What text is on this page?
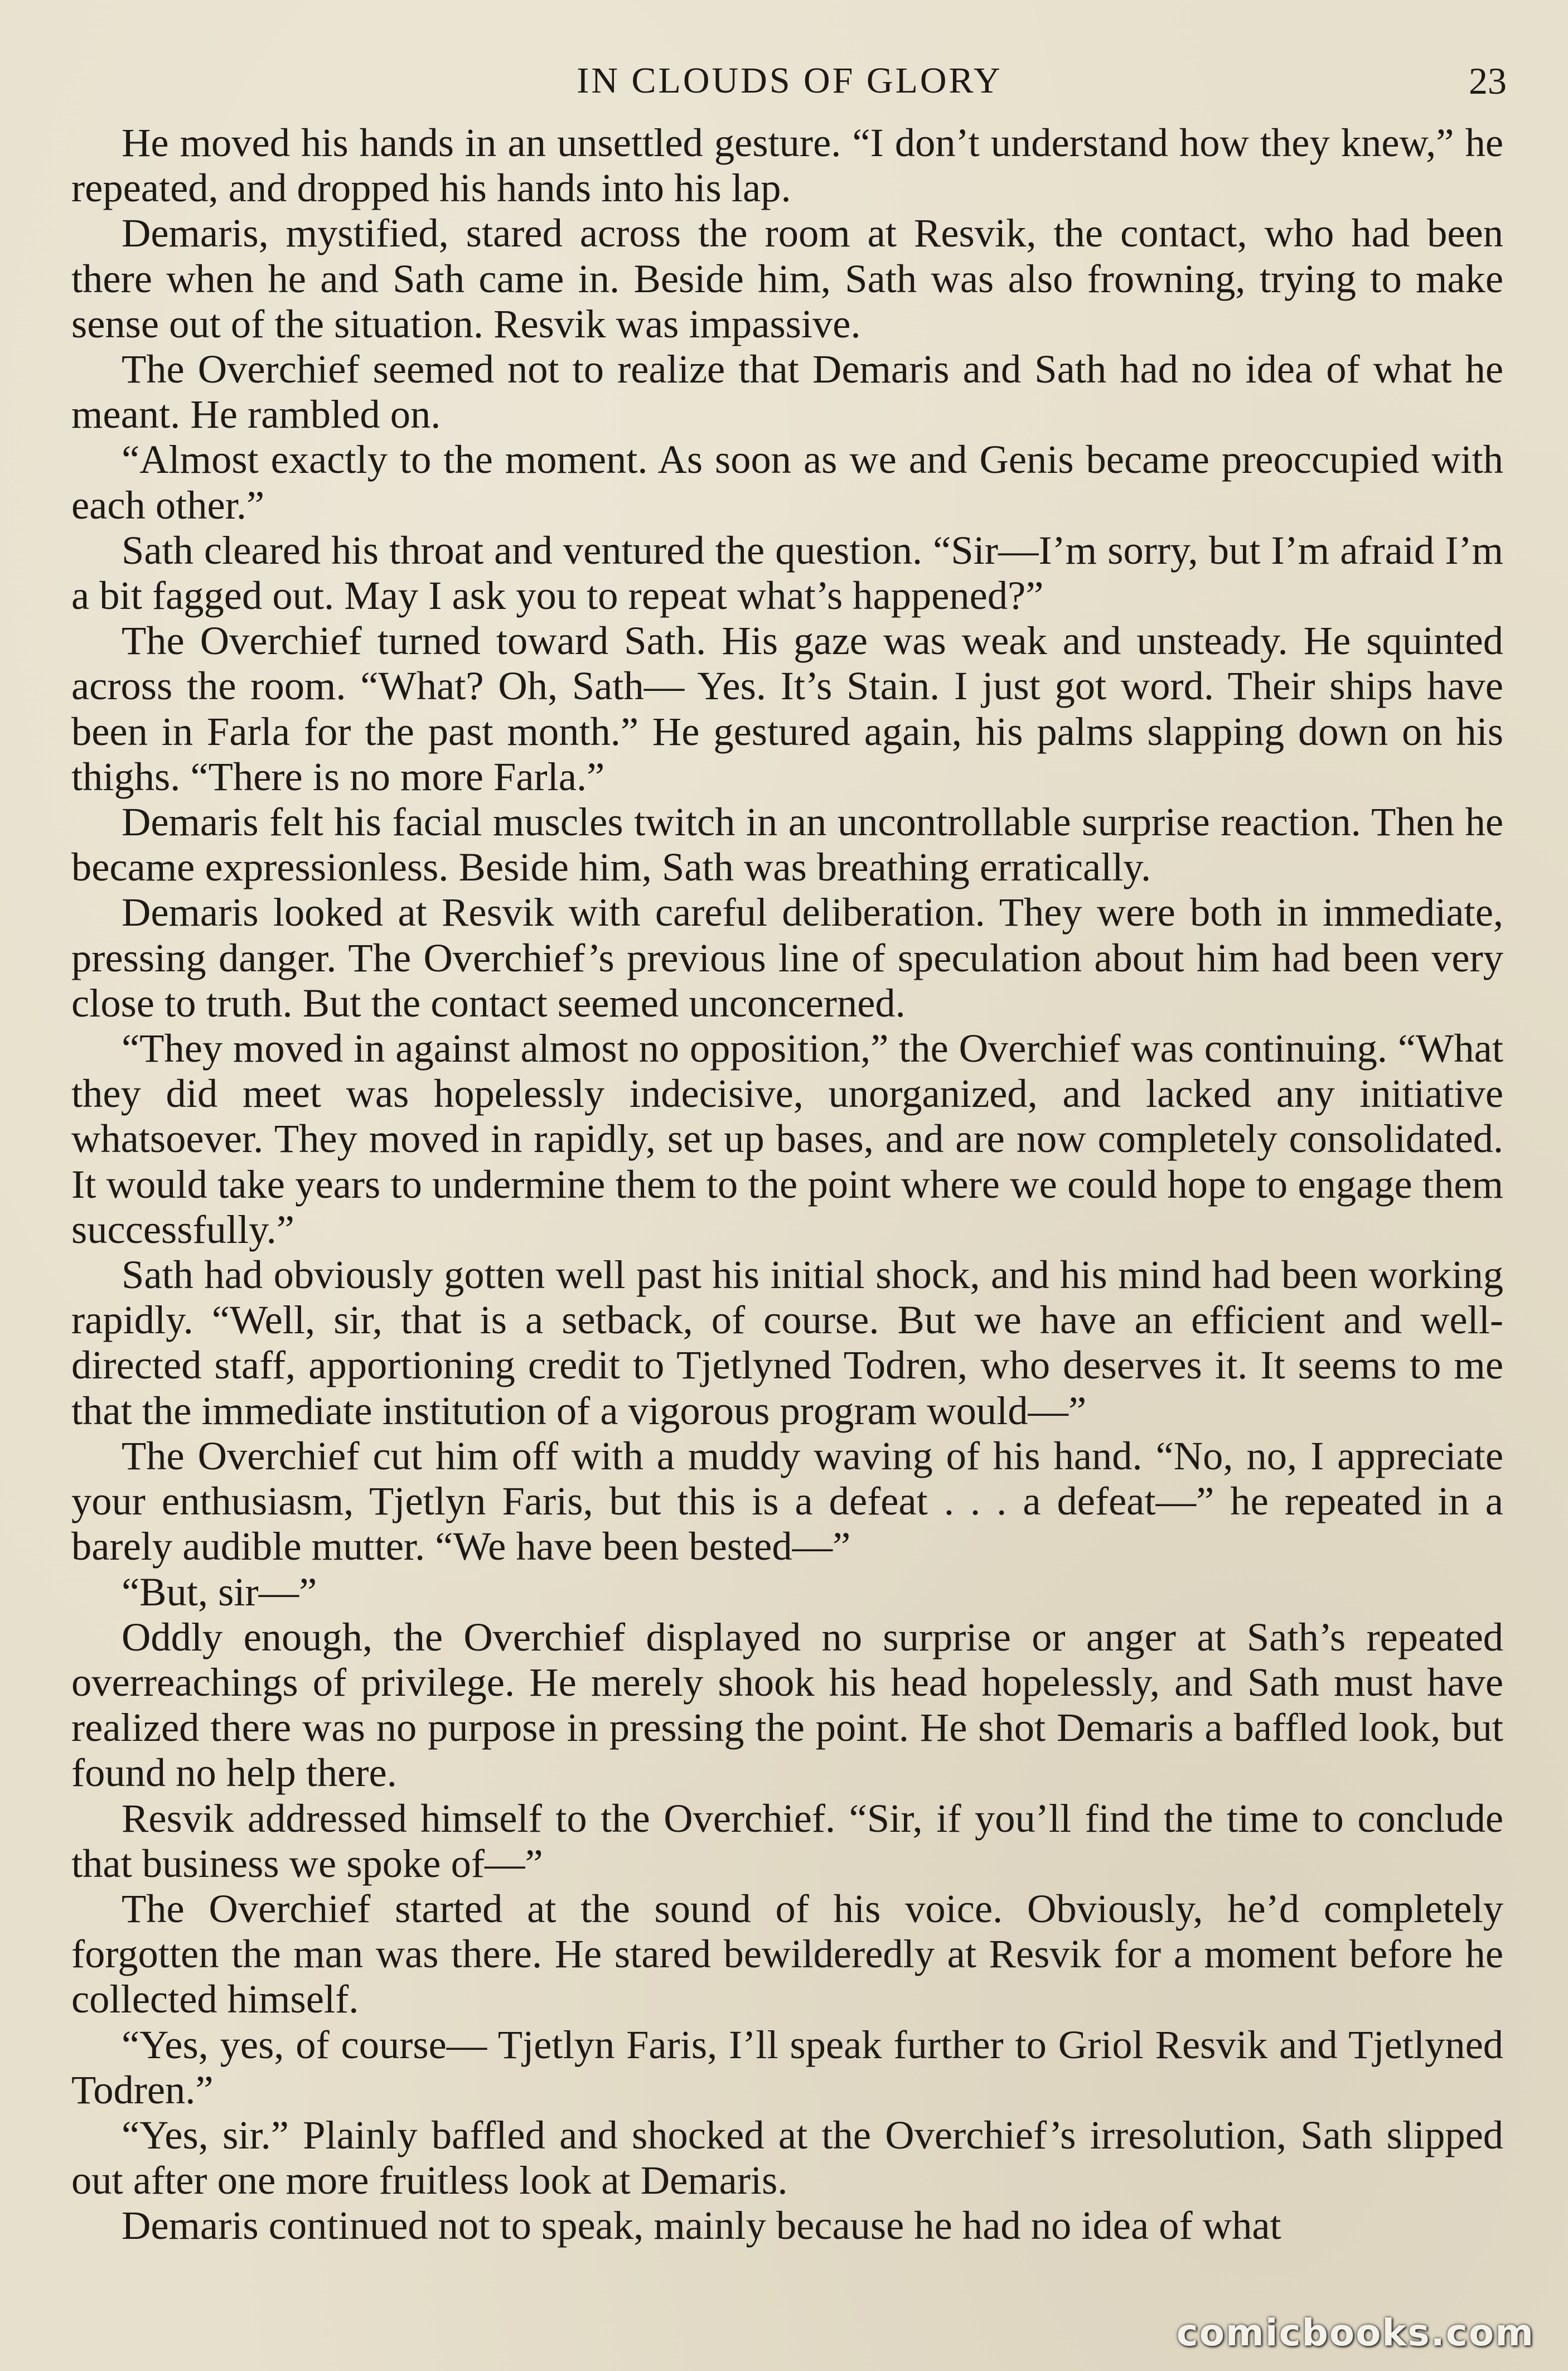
IN CLOUDS OF GLORY	23

He moved his hands in an unsettled gesture. “I don’t understand how they knew,” he repeated, and dropped his hands into his lap.

Demaris, mystified, stared across the room at Resvik, the contact, who had been there when he and Sath came in. Beside him, Sath was also frowning, trying to make sense out of the situation. Resvik was impassive.

The Overchief seemed not to realize that Demaris and Sath had no idea of what he meant. He rambled on.

“Almost exactly to the moment. As soon as we and Genis became preoccupied with each other.”

Sath cleared his throat and ventured the question. “Sir—I’m sorry, but I’m afraid I’m a bit fagged out. May I ask you to repeat what’s happened?”

The Overchief turned toward Sath. His gaze was weak and unsteady. He squinted across the room. “What? Oh, Sath— Yes. It’s Stain. I just got word. Their ships have been in Farla for the past month.” He gestured again, his palms slapping down on his thighs. “There is no more Farla.”

Demaris felt his facial muscles twitch in an uncontrollable surprise reaction. Then he became expressionless. Beside him, Sath was breathing erratically.

Demaris looked at Resvik with careful deliberation. They were both in immediate, pressing danger. The Overchief’s previous line of speculation about him had been very close to truth. But the contact seemed unconcerned.

“They moved in against almost no opposition,” the Overchief was continuing. “What they did meet was hopelessly indecisive, unorganized, and lacked any initiative whatsoever. They moved in rapidly, set up bases, and are now completely consolidated. It would take years to undermine them to the point where we could hope to engage them successfully.”

Sath had obviously gotten well past his initial shock, and his mind had been working rapidly. “Well, sir, that is a setback, of course. But we have an efficient and well-directed staff, apportioning credit to Tjetlyned Todren, who deserves it. It seems to me that the immediate institution of a vigorous program would—”

The Overchief cut him off with a muddy waving of his hand. “No, no, I appreciate your enthusiasm, Tjetlyn Faris, but this is a defeat . . . a defeat—” he repeated in a barely audible mutter. “We have been bested—”

“But, sir—”

Oddly enough, the Overchief displayed no surprise or anger at Sath’s repeated overreachings of privilege. He merely shook his head hopelessly, and Sath must have realized there was no purpose in pressing the point. He shot Demaris a baffled look, but found no help there.

Resvik addressed himself to the Overchief. “Sir, if you’ll find the time to conclude that business we spoke of—”

The Overchief started at the sound of his voice. Obviously, he’d completely forgotten the man was there. He stared bewilderedly at Resvik for a moment before he collected himself.

“Yes, yes, of course— Tjetlyn Faris, I’ll speak further to Griol Resvik and Tjetlyned Todren.”

“Yes, sir.” Plainly baffled and shocked at the Overchief’s irresolution, Sath slipped out after one more fruitless look at Demaris.

Demaris continued not to speak, mainly because he had no idea of what

comicbooks.com
